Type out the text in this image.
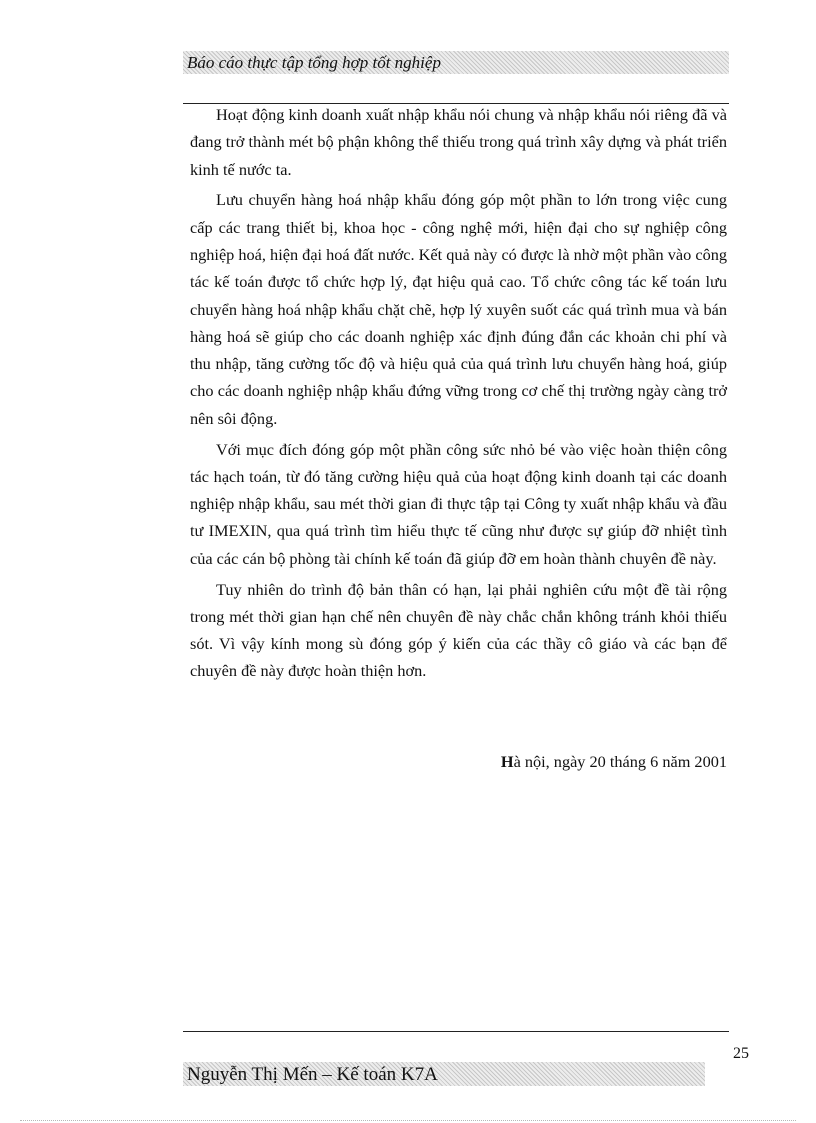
Báo cáo thực tập tổng hợp tốt nghiệp

Hoạt động kinh doanh xuất nhập khẩu nói chung và nhập khẩu nói riêng đã và đang trở thành mét bộ phận không thể thiếu trong quá trình xây dựng và phát triển kinh tế nước ta.

Lưu chuyển hàng hoá nhập khẩu đóng góp một phần to lớn trong việc cung cấp các trang thiết bị, khoa học - công nghệ mới, hiện đại cho sự nghiệp công nghiệp hoá, hiện đại hoá đất nước. Kết quả này có được là nhờ một phần vào công tác kế toán được tổ chức hợp lý, đạt hiệu quả cao. Tổ chức công tác kế toán lưu chuyển hàng hoá nhập khẩu chặt chẽ, hợp lý xuyên suốt các quá trình mua và bán hàng hoá sẽ giúp cho các doanh nghiệp xác định đúng đắn các khoản chi phí và thu nhập, tăng cường tốc độ và hiệu quả của quá trình lưu chuyển hàng hoá, giúp cho các doanh nghiệp nhập khẩu đứng vững trong cơ chế thị trường ngày càng trở nên sôi động.

Với mục đích đóng góp một phần công sức nhỏ bé vào việc hoàn thiện công tác hạch toán, từ đó tăng cường hiệu quả của hoạt động kinh doanh tại các doanh nghiệp nhập khẩu, sau mét thời gian đi thực tập tại Công ty xuất nhập khẩu và đầu tư IMEXIN, qua quá trình tìm hiểu thực tế cũng như được sự giúp đỡ nhiệt tình của các cán bộ phòng tài chính kế toán đã giúp đỡ em hoàn thành chuyên đề này.

Tuy nhiên do trình độ bản thân có hạn, lại phải nghiên cứu một đề tài rộng trong mét thời gian hạn chế nên chuyên đề này chắc chắn không tránh khỏi thiếu sót. Vì vậy kính mong sù đóng góp ý kiến của các thầy cô giáo và các bạn để chuyên đề này được hoàn thiện hơn.

Hà nội, ngày 20 tháng 6 năm 2001
25
Nguyễn Thị Mến – Kế toán K7A
